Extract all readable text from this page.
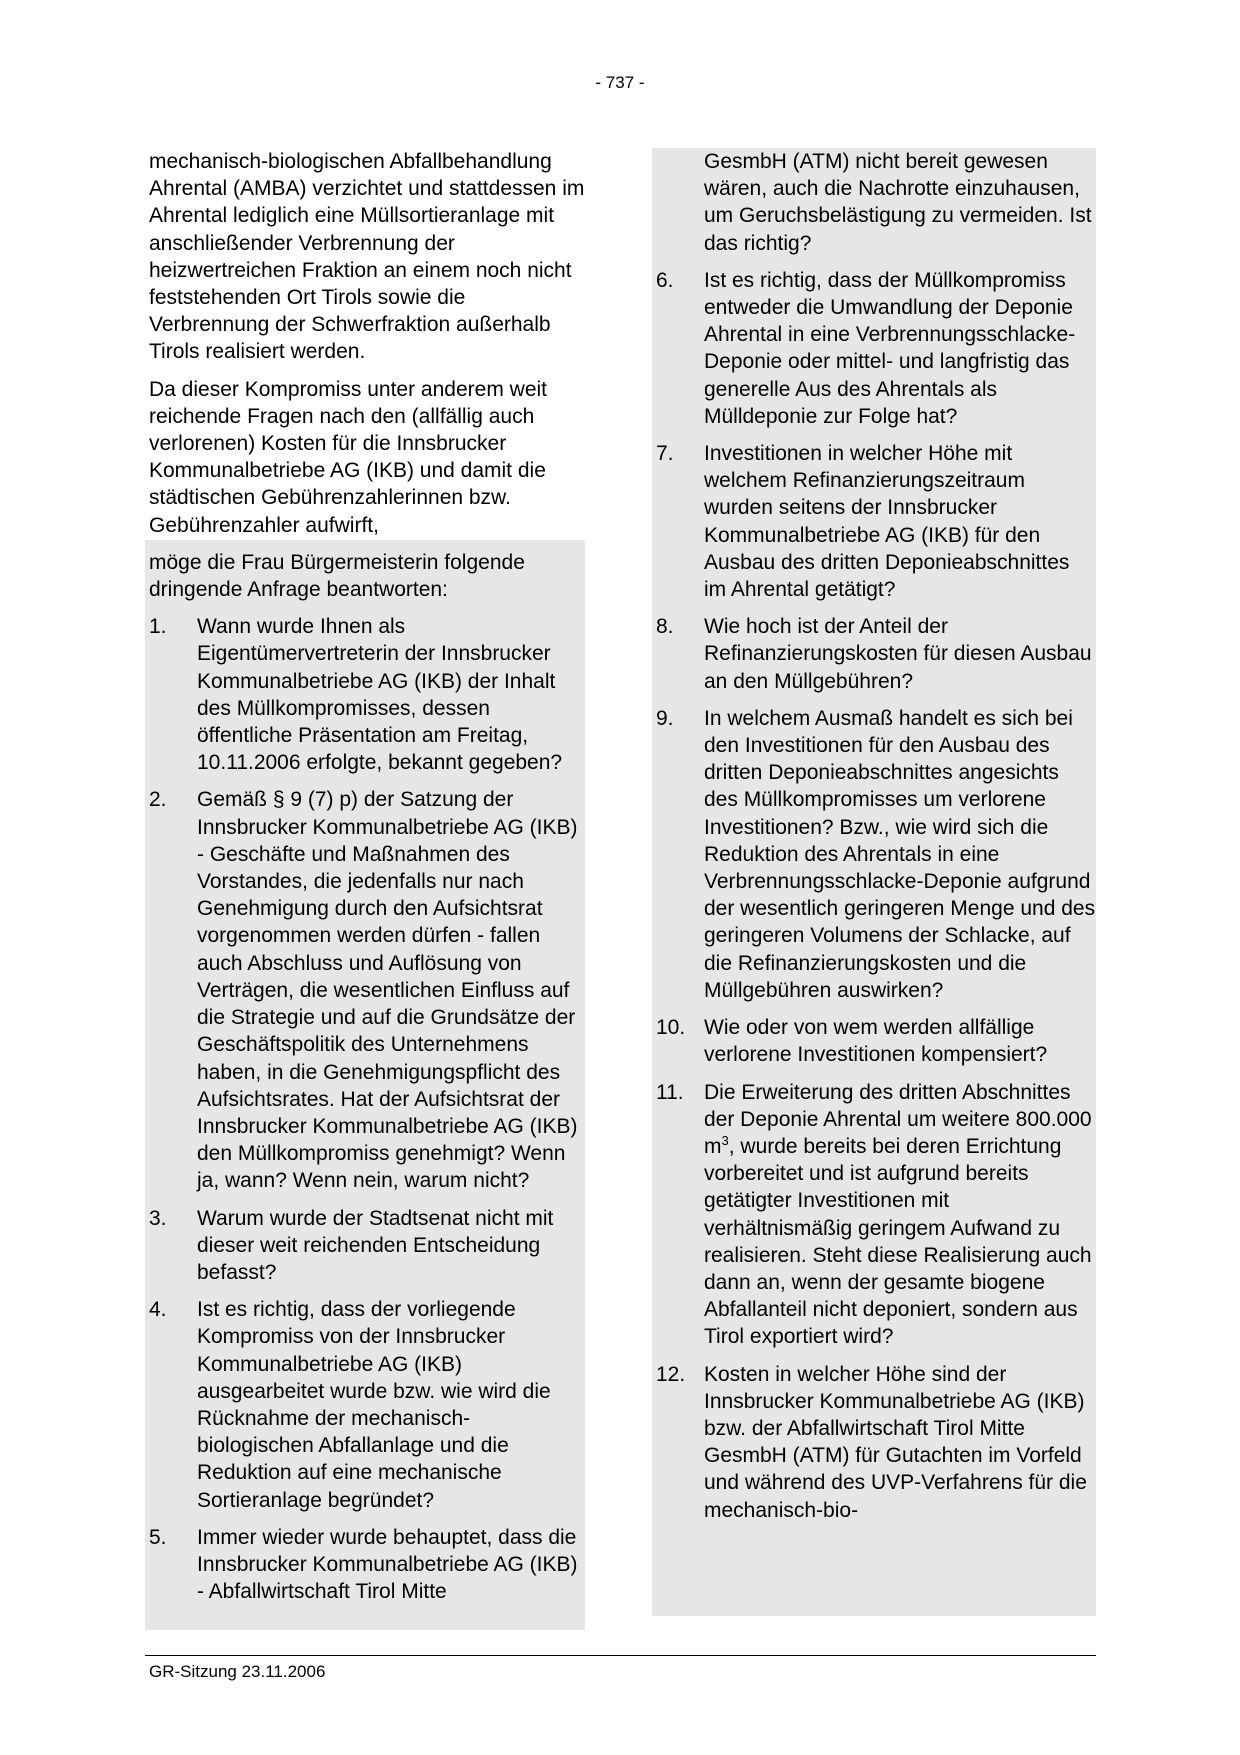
- 737 -

mechanisch-biologischen Abfallbehandlung Ahrental (AMBA) verzichtet und stattdessen im Ahrental lediglich eine Müllsortieranlage mit anschließender Verbrennung der heizwertreichen Fraktion an einem noch nicht feststehenden Ort Tirols sowie die Verbrennung der Schwerfraktion außerhalb Tirols realisiert werden.

Da dieser Kompromiss unter anderem weit reichende Fragen nach den (allfällig auch verlorenen) Kosten für die Innsbrucker Kommunalbetriebe AG (IKB) und damit die städtischen Gebührenzahlerinnen bzw. Gebührenzahler aufwirft,

möge die Frau Bürgermeisterin folgende dringende Anfrage beantworten:

1.	Wann wurde Ihnen als Eigentümervertreterin der Innsbrucker Kommunalbetriebe AG (IKB) der Inhalt des Müllkompromisses, dessen öffentliche Präsentation am Freitag, 10.11.2006 erfolgte, bekannt gegeben?
2.	Gemäß § 9 (7) p) der Satzung der Innsbrucker Kommunalbetriebe AG (IKB) - Geschäfte und Maßnahmen des Vorstandes, die jedenfalls nur nach Genehmigung durch den Aufsichtsrat vorgenommen werden dürfen - fallen auch Abschluss und Auflösung von Verträgen, die wesentlichen Einfluss auf die Strategie und auf die Grundsätze der Geschäftspolitik des Unternehmens haben, in die Genehmigungspflicht des Aufsichtsrates. Hat der Aufsichtsrat der Innsbrucker Kommunalbetriebe AG (IKB) den Müllkompromiss genehmigt? Wenn ja, wann? Wenn nein, warum nicht?
3.	Warum wurde der Stadtsenat nicht mit dieser weit reichenden Entscheidung befasst?
4.	Ist es richtig, dass der vorliegende Kompromiss von der Innsbrucker Kommunalbetriebe AG (IKB) ausgearbeitet wurde bzw. wie wird die Rücknahme der mechanisch-biologischen Abfallanlage und die Reduktion auf eine mechanische Sortieranlage begründet?
5.	Immer wieder wurde behauptet, dass die Innsbrucker Kommunalbetriebe AG (IKB) - Abfallwirtschaft Tirol Mitte

GesmbH (ATM) nicht bereit gewesen wären, auch die Nachrotte einzuhausen, um Geruchsbelästigung zu vermeiden. Ist das richtig?

6.	Ist es richtig, dass der Müllkompromiss entweder die Umwandlung der Deponie Ahrental in eine Verbrennungsschlacke-Deponie oder mittel- und langfristig das generelle Aus des Ahrentals als Mülldeponie zur Folge hat?
7.	Investitionen in welcher Höhe mit welchem Refinanzierungszeitraum wurden seitens der Innsbrucker Kommunalbetriebe AG (IKB) für den Ausbau des dritten Deponieabschnittes im Ahrental getätigt?
8.	Wie hoch ist der Anteil der Refinanzierungskosten für diesen Ausbau an den Müllgebühren?
9.	In welchem Ausmaß handelt es sich bei den Investitionen für den Ausbau des dritten Deponieabschnittes angesichts des Müllkompromisses um verlorene Investitionen? Bzw., wie wird sich die Reduktion des Ahrentals in eine Verbrennungsschlacke-Deponie aufgrund der wesentlich geringeren Menge und des geringeren Volumens der Schlacke, auf die Refinanzierungskosten und die Müllgebühren auswirken?
10. Wie oder von wem werden allfällige verlorene Investitionen kompensiert?
11. Die Erweiterung des dritten Abschnittes der Deponie Ahrental um weitere 800.000 $m^3$, wurde bereits bei deren Errichtung vorbereitet und ist aufgrund bereits getätigter Investitionen mit verhältnismäßig geringem Aufwand zu realisieren. Steht diese Realisierung auch dann an, wenn der gesamte biogene Abfallanteil nicht deponiert, sondern aus Tirol exportiert wird?
12. Kosten in welcher Höhe sind der Innsbrucker Kommunalbetriebe AG (IKB) bzw. der Abfallwirtschaft Tirol Mitte GesmbH (ATM) für Gutachten im Vorfeld und während des UVP-Verfahrens für die mechanisch-bio-
GR-Sitzung 23.11.2006
